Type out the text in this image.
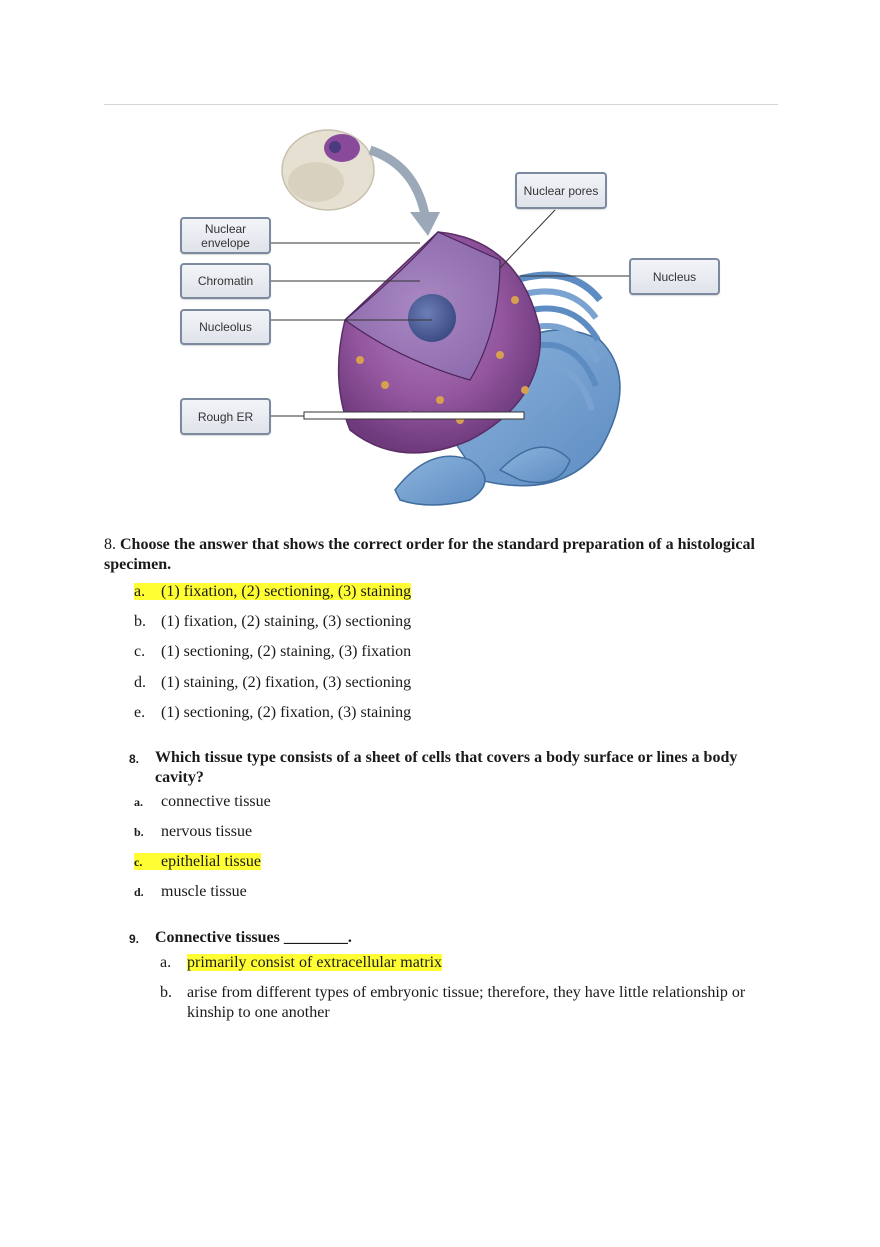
Nuclear envelope
Chromatin
Nucleolus
Rough ER
Nuclear pores
Nucleus
8. Choose the answer that shows the correct order for the standard preparation of a histological specimen.
a. (1) fixation, (2) sectioning, (3) staining
b. (1) fixation, (2) staining, (3) sectioning
c. (1) sectioning, (2) staining, (3) fixation
d. (1) staining, (2) fixation, (3) sectioning
e. (1) sectioning, (2) fixation, (3) staining
8. Which tissue type consists of a sheet of cells that covers a body surface or lines a body cavity?
a. connective tissue
b. nervous tissue
c. epithelial tissue
d. muscle tissue
9. Connective tissues ________.
a. primarily consist of extracellular matrix
b. arise from different types of embryonic tissue; therefore, they have little relationship or kinship to one another
